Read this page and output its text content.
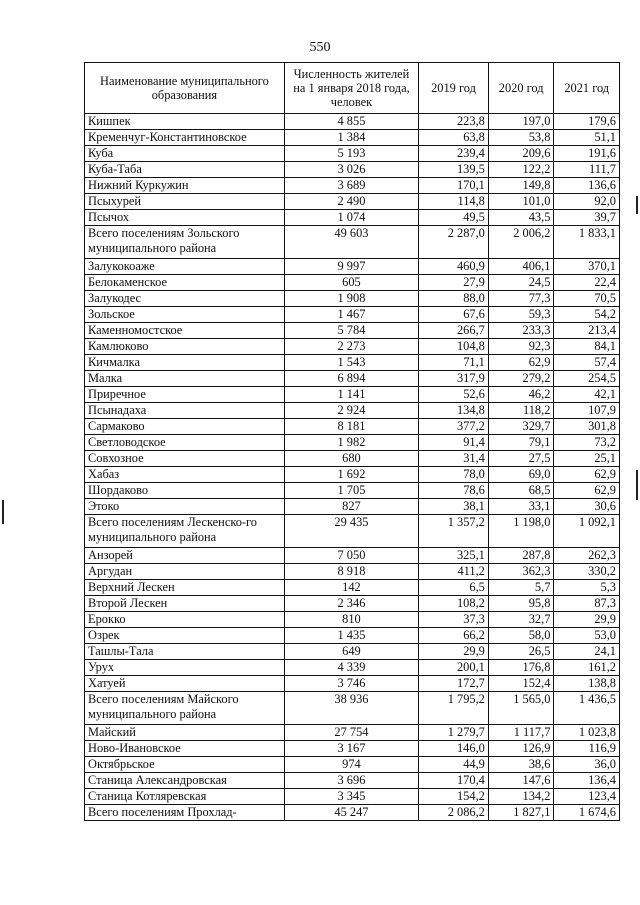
550
Наименование муниципального образования	Численность жителей на 1 января 2018 года, человек	2019 год	2020 год	2021 год
Кишпек	4 855	223,8	197,0	179,6
Кременчуг-Константиновское	1 384	63,8	53,8	51,1
Куба	5 193	239,4	209,6	191,6
Куба-Таба	3 026	139,5	122,2	111,7
Нижний Куркужин	3 689	170,1	149,8	136,6
Псыхурей	2 490	114,8	101,0	92,0
Псычох	1 074	49,5	43,5	39,7
Всего поселениям Зольского муниципального района	49 603	2 287,0	2 006,2	1 833,1
Залукокоаже	9 997	460,9	406,1	370,1
Белокаменское	605	27,9	24,5	22,4
Залукодес	1 908	88,0	77,3	70,5
Зольское	1 467	67,6	59,3	54,2
Каменномостское	5 784	266,7	233,3	213,4
Камлюково	2 273	104,8	92,3	84,1
Кичмалка	1 543	71,1	62,9	57,4
Малка	6 894	317,9	279,2	254,5
Приречное	1 141	52,6	46,2	42,1
Псынадаха	2 924	134,8	118,2	107,9
Сармаково	8 181	377,2	329,7	301,8
Светловодское	1 982	91,4	79,1	73,2
Совхозное	680	31,4	27,5	25,1
Хабаз	1 692	78,0	69,0	62,9
Шордаково	1 705	78,6	68,5	62,9
Этоко	827	38,1	33,1	30,6
Всего поселениям Лескенско-го муниципального района	29 435	1 357,2	1 198,0	1 092,1
Анзорей	7 050	325,1	287,8	262,3
Аргудан	8 918	411,2	362,3	330,2
Верхний Лескен	142	6,5	5,7	5,3
Второй Лескен	2 346	108,2	95,8	87,3
Ерокко	810	37,3	32,7	29,9
Озрек	1 435	66,2	58,0	53,0
Ташлы-Тала	649	29,9	26,5	24,1
Урух	4 339	200,1	176,8	161,2
Хатуей	3 746	172,7	152,4	138,8
Всего поселениям Майского муниципального района	38 936	1 795,2	1 565,0	1 436,5
Майский	27 754	1 279,7	1 117,7	1 023,8
Ново-Ивановское	3 167	146,0	126,9	116,9
Октябрьское	974	44,9	38,6	36,0
Станица Александровская	3 696	170,4	147,6	136,4
Станица Котляревская	3 345	154,2	134,2	123,4
Всего поселениям Прохлад-	45 247	2 086,2	1 827,1	1 674,6
